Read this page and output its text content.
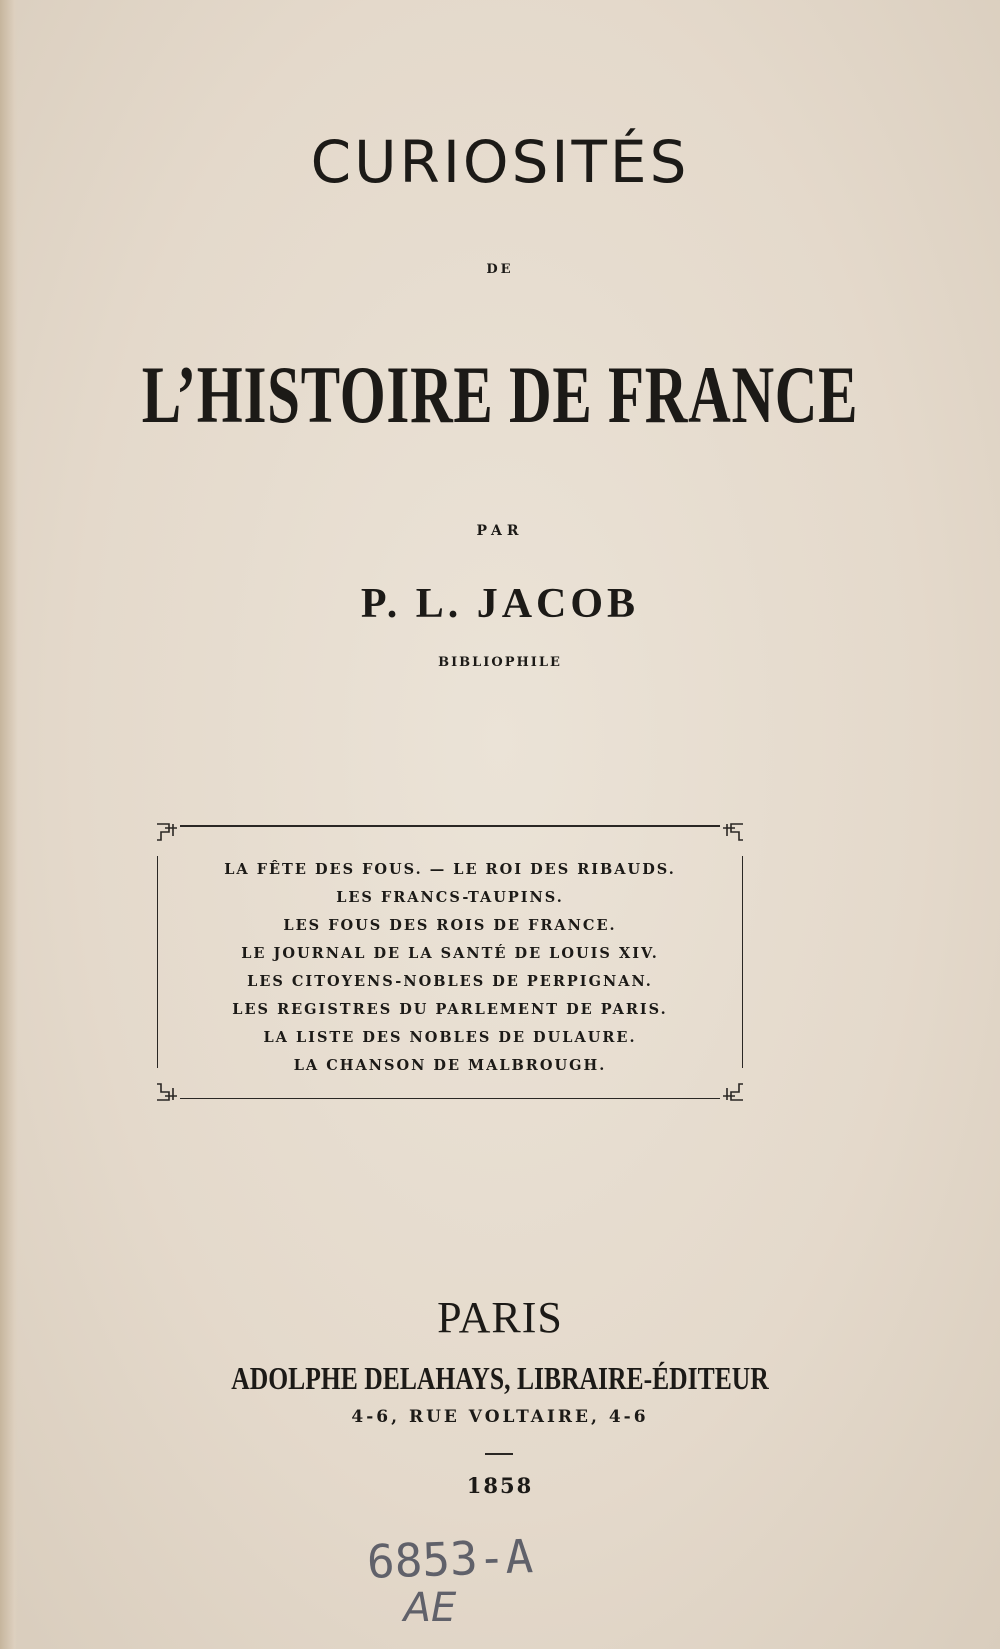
CURIOSITÉS
DE
L’HISTOIRE DE FRANCE
PAR
P. L. JACOB
BIBLIOPHILE
LA FÊTE DES FOUS. — LE ROI DES RIBAUDS.
LES FRANCS-TAUPINS.
LES FOUS DES ROIS DE FRANCE.
LE JOURNAL DE LA SANTÉ DE LOUIS XIV.
LES CITOYENS-NOBLES DE PERPIGNAN.
LES REGISTRES DU PARLEMENT DE PARIS.
LA LISTE DES NOBLES DE DULAURE.
LA CHANSON DE MALBROUGH.
PARIS
ADOLPHE DELAHAYS, LIBRAIRE-ÉDITEUR
4-6, RUE VOLTAIRE, 4-6
1858
6853-A
AE
